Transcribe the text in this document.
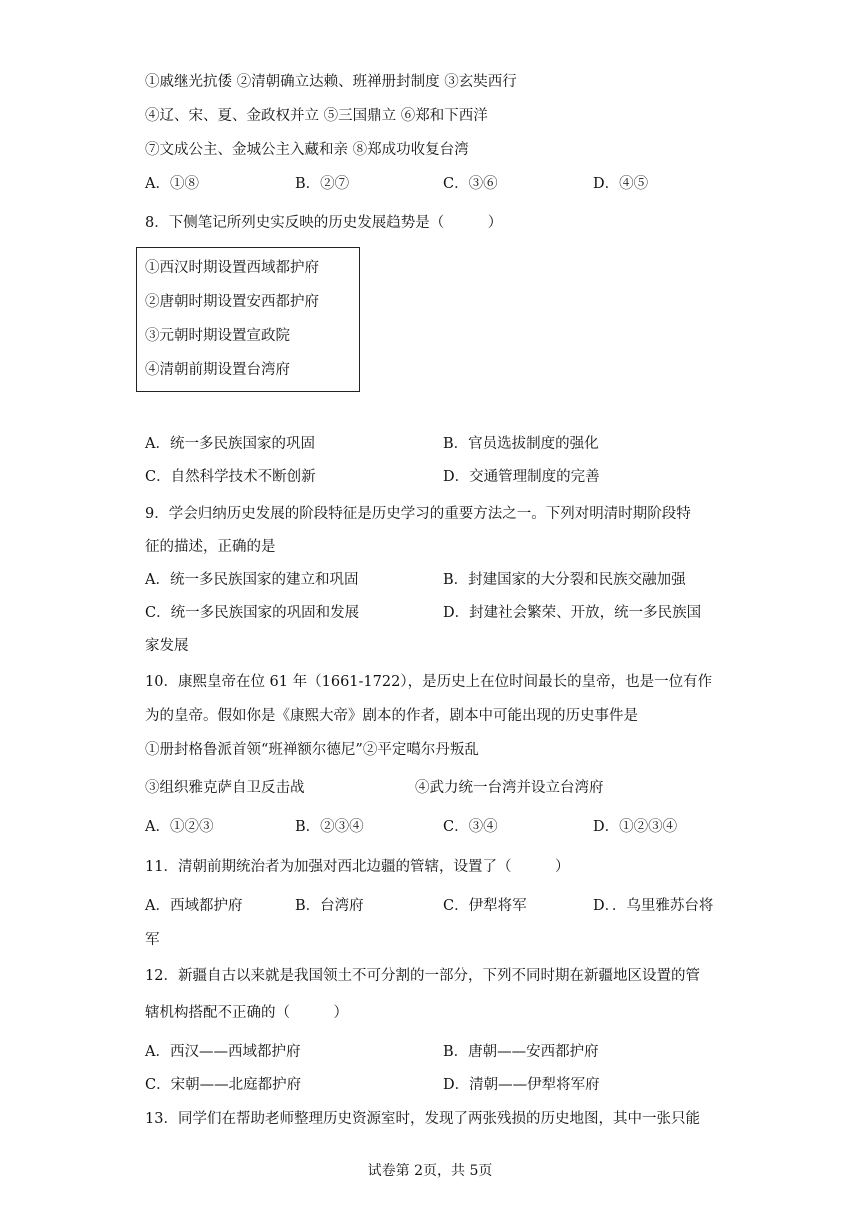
①戚继光抗倭 ②清朝确立达赖、班禅册封制度 ③玄奘西行
④辽、宋、夏、金政权并立 ⑤三国鼎立 ⑥郑和下西洋
⑦文成公主、金城公主入藏和亲 ⑧郑成功收复台湾
A．①⑧	B．②⑦	C．③⑥	D．④⑤
8．下侧笔记所列史实反映的历史发展趋势是（　　　）
①西汉时期设置西域都护府
②唐朝时期设置安西都护府
③元朝时期设置宣政院
④清朝前期设置台湾府
A．统一多民族国家的巩固	B．官员选拔制度的强化
C．自然科学技术不断创新	D．交通管理制度的完善
9．学会归纳历史发展的阶段特征是历史学习的重要方法之一。下列对明清时期阶段特
征的描述，正确的是
A．统一多民族国家的建立和巩固	B．封建国家的大分裂和民族交融加强
C．统一多民族国家的巩固和发展	D．封建社会繁荣、开放，统一多民族国
家发展
10．康熙皇帝在位 61 年（1661-1722），是历史上在位时间最长的皇帝，也是一位有作
为的皇帝。假如你是《康熙大帝》剧本的作者，剧本中可能出现的历史事件是
①册封格鲁派首领“班禅额尔德尼”②平定噶尔丹叛乱
③组织雅克萨自卫反击战	④武力统一台湾并设立台湾府
A．①②③	B．②③④	C．③④	D．①②③④
11．清朝前期统治者为加强对西北边疆的管辖，设置了（　　　）
A．西域都护府	B．台湾府	C．伊犁将军	D．．乌里雅苏台将
军
12．新疆自古以来就是我国领土不可分割的一部分，下列不同时期在新疆地区设置的管
辖机构搭配不正确的（　　　）
A．西汉——西域都护府	B．唐朝——安西都护府
C．宋朝——北庭都护府	D．清朝——伊犁将军府
13．同学们在帮助老师整理历史资源室时，发现了两张残损的历史地图，其中一张只能
试卷第 2页，共 5页
